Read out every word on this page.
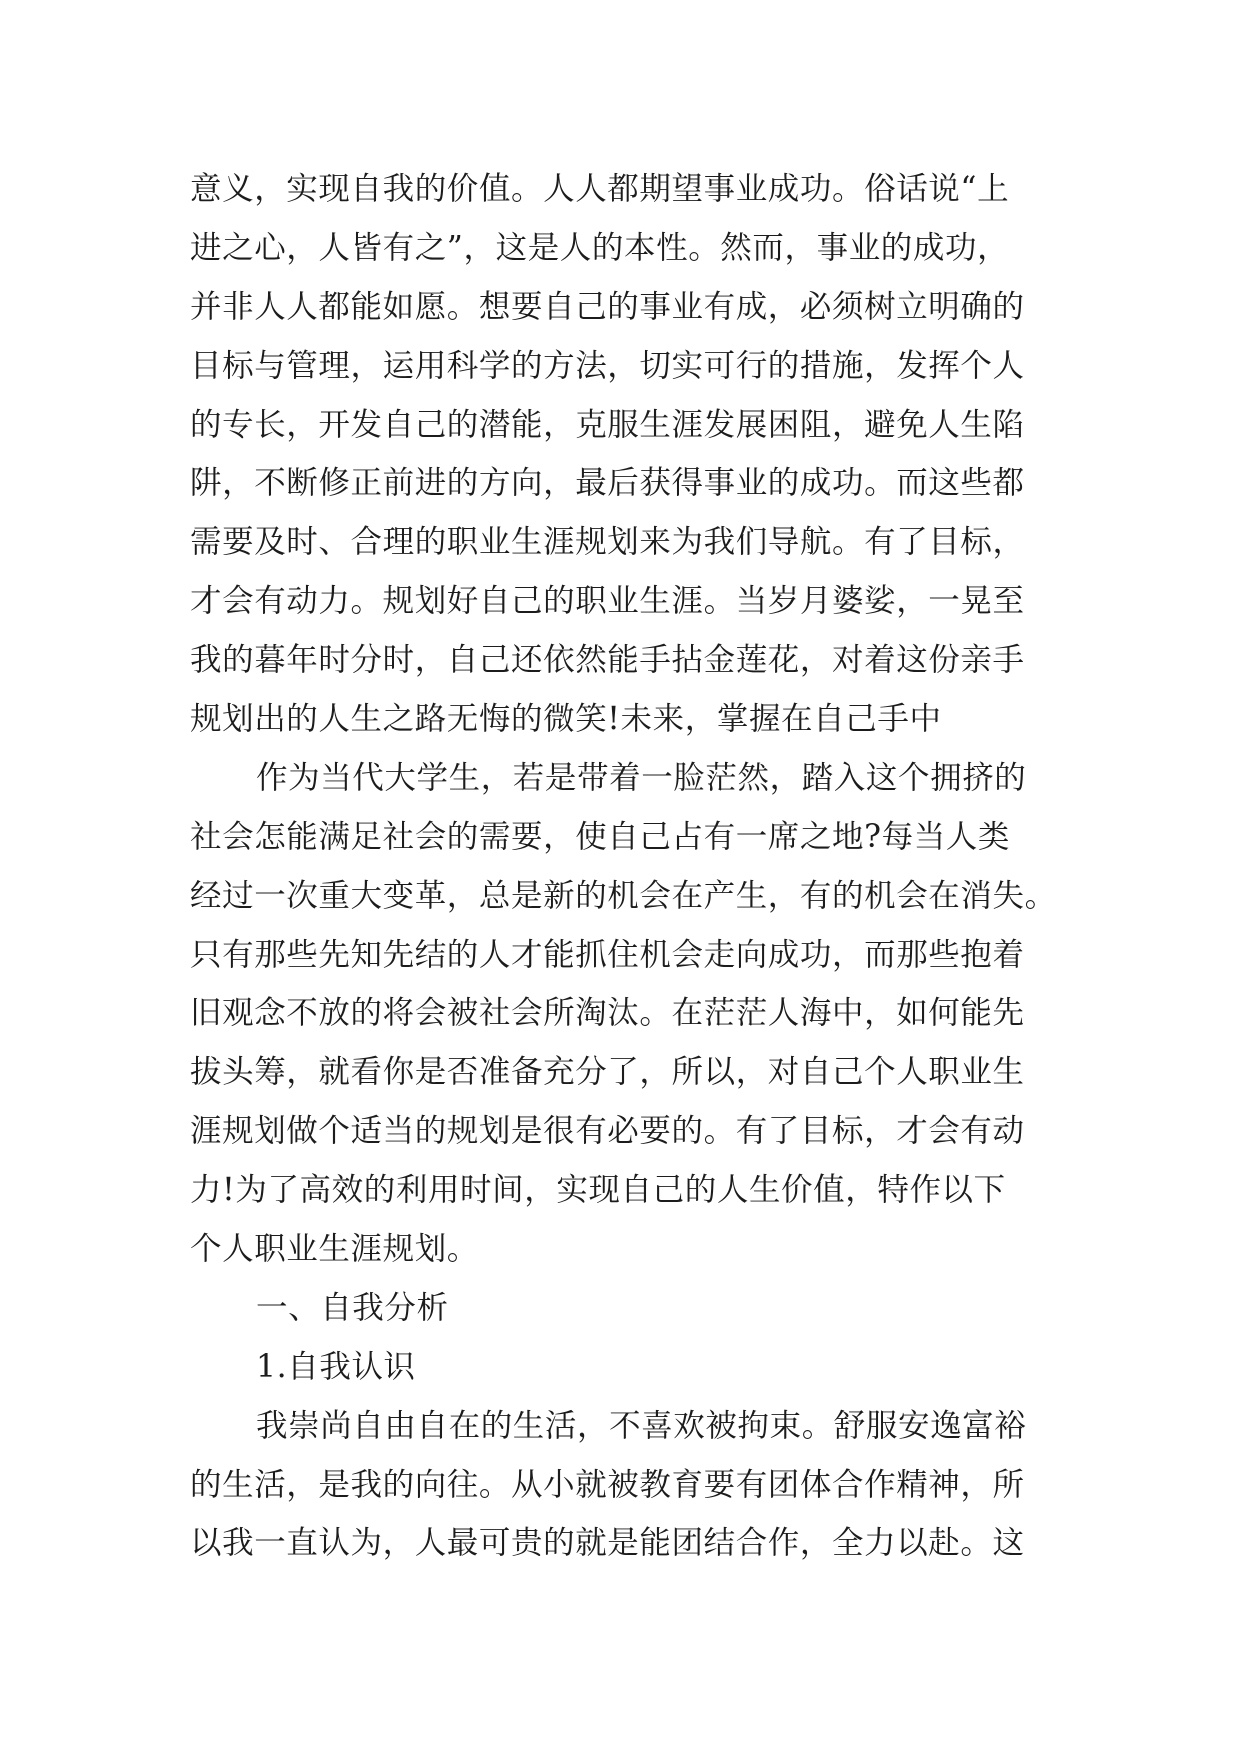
意义，实现自我的价值。人人都期望事业成功。俗话说“上
进之心，人皆有之”，这是人的本性。然而，事业的成功，
并非人人都能如愿。想要自己的事业有成，必须树立明确的
目标与管理，运用科学的方法，切实可行的措施，发挥个人
的专长，开发自己的潜能，克服生涯发展困阻，避免人生陷
阱，不断修正前进的方向，最后获得事业的成功。而这些都
需要及时、合理的职业生涯规划来为我们导航。有了目标，
才会有动力。规划好自己的职业生涯。当岁月婆娑，一晃至
我的暮年时分时，自己还依然能手拈金莲花，对着这份亲手
规划出的人生之路无悔的微笑!未来，掌握在自己手中
作为当代大学生，若是带着一脸茫然，踏入这个拥挤的
社会怎能满足社会的需要，使自己占有一席之地?每当人类
经过一次重大变革，总是新的机会在产生，有的机会在消失。
只有那些先知先结的人才能抓住机会走向成功，而那些抱着
旧观念不放的将会被社会所淘汰。在茫茫人海中，如何能先
拔头筹，就看你是否准备充分了，所以，对自己个人职业生
涯规划做个适当的规划是很有必要的。有了目标，才会有动
力!为了高效的利用时间，实现自己的人生价值，特作以下
个人职业生涯规划。
一、自我分析
1.自我认识
我崇尚自由自在的生活，不喜欢被拘束。舒服安逸富裕
的生活，是我的向往。从小就被教育要有团体合作精神，所
以我一直认为，人最可贵的就是能团结合作，全力以赴。这
